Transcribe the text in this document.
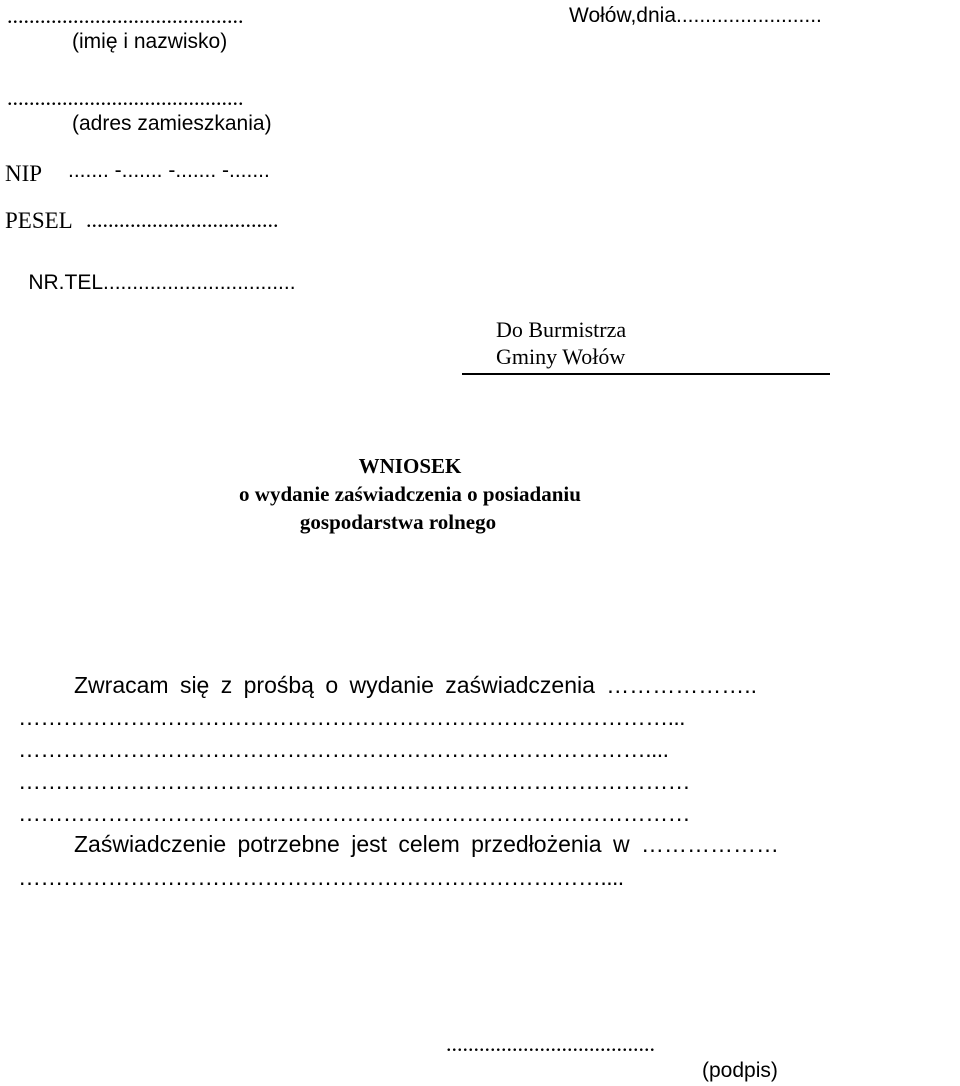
...........................................
(imię i nazwisko)
Wołów,dnia.........................
...........................................
(adres zamieszkania)
NIP ....... -....... -....... -.......
PESEL ...................................

NR.TEL.................................

Do Burmistrza
Gminy Wołów
WNIOSEK
o wydanie zaświadczenia o posiadaniu
gospodarstwa rolnego
Zwracam się z prośbą o wydanie zaświadczenia ………………..
……………………………………………………………………………...
…………………………………………………………………………....
………………………………………………………………………………
………………………………………………………………………………
Zaświadczenie potrzebne jest celem przedłożenia w ………………
……………………………………………………………………....
......................................
(podpis)
